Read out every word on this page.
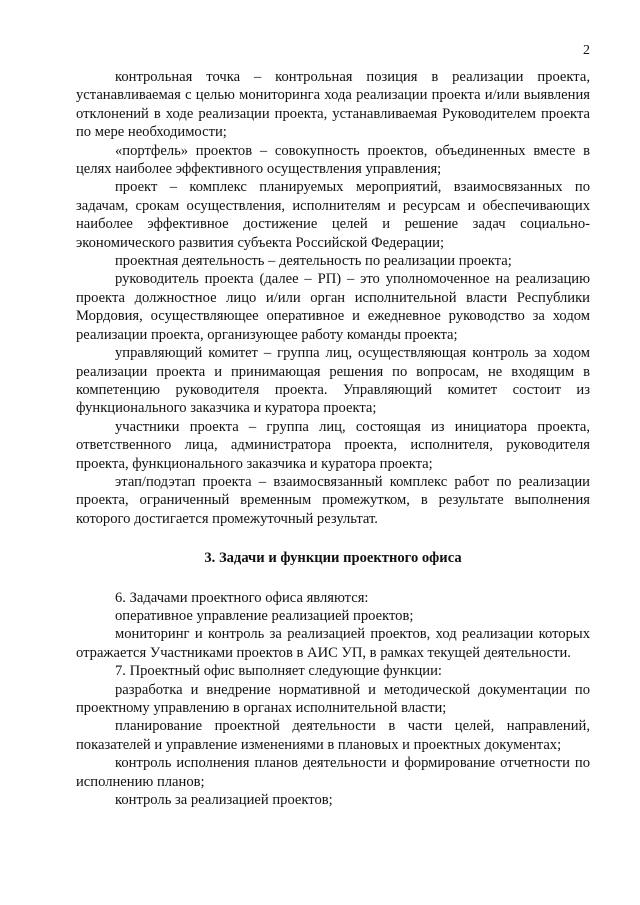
2

контрольная точка – контрольная позиция в реализации проекта, устанавливаемая с целью мониторинга хода реализации проекта и/или выявления отклонений в ходе реализации проекта, устанавливаемая Руководителем проекта по мере необходимости;

«портфель» проектов – совокупность проектов, объединенных вместе в целях наиболее эффективного осуществления управления;

проект – комплекс планируемых мероприятий, взаимосвязанных по задачам, срокам осуществления, исполнителям и ресурсам и обеспечивающих наиболее эффективное достижение целей и решение задач социально-экономического развития субъекта Российской Федерации;

проектная деятельность – деятельность по реализации проекта;

руководитель проекта (далее – РП) – это уполномоченное на реализацию проекта должностное лицо и/или орган исполнительной власти Республики Мордовия, осуществляющее оперативное и ежедневное руководство за ходом реализации проекта, организующее работу команды проекта;

управляющий комитет – группа лиц, осуществляющая контроль за ходом реализации проекта и принимающая решения по вопросам, не входящим в компетенцию руководителя проекта. Управляющий комитет состоит из функционального заказчика и куратора проекта;

участники проекта – группа лиц, состоящая из инициатора проекта, ответственного лица, администратора проекта, исполнителя, руководителя проекта, функционального заказчика и куратора проекта;

этап/подэтап проекта – взаимосвязанный комплекс работ по реализации проекта, ограниченный временным промежутком, в результате выполнения которого достигается промежуточный результат.

3. Задачи и функции проектного офиса

6. Задачами проектного офиса являются:

оперативное управление реализацией проектов;

мониторинг и контроль за реализацией проектов, ход реализации которых отражается Участниками проектов в АИС УП, в рамках текущей деятельности.

7. Проектный офис выполняет следующие функции:

разработка и внедрение нормативной и методической документации по проектному управлению в органах исполнительной власти;

планирование проектной деятельности в части целей, направлений, показателей и управление изменениями в плановых и проектных документах;

контроль исполнения планов деятельности и формирование отчетности по исполнению планов;

контроль за реализацией проектов;
